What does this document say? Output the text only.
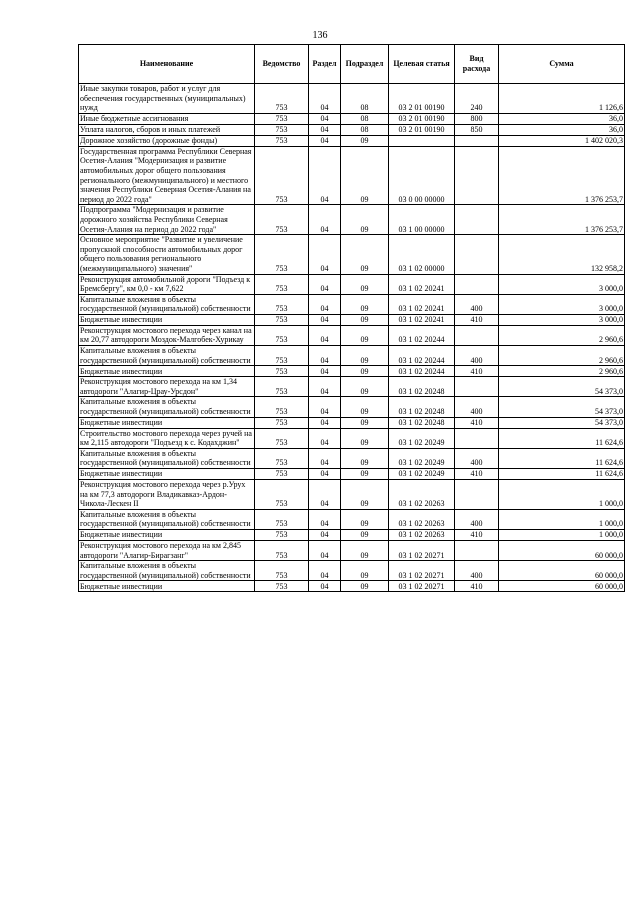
136
Наименование	Ведомство	Раздел	Подраздел	Целевая статья	Вид расхода	Сумма
Иные закупки товаров, работ и услуг для обеспечения государственных (муниципальных) нужд	753	04	08	03 2 01 00190	240	1 126,6
Иные бюджетные ассигнования	753	04	08	03 2 01 00190	800	36,0
Уплата налогов, сборов и иных платежей	753	04	08	03 2 01 00190	850	36,0
Дорожное хозяйство (дорожные фонды)	753	04	09			1 402 020,3
Государственная программа Республики Северная Осетия-Алания "Модернизация и развитие автомобильных дорог общего пользования регионального (межмуниципального) и местного значения Республики Северная Осетия-Алания на период до 2022 года"	753	04	09	03 0 00 00000		1 376 253,7
Подпрограмма "Модернизация и развитие дорожного хозяйства Республики Северная Осетия-Алания на период до 2022 года"	753	04	09	03 1 00 00000		1 376 253,7
Основное мероприятие "Развитие и увеличение пропускной способности автомобильных дорог общего пользования регионального (межмуниципального) значения"	753	04	09	03 1 02 00000		132 958,2
Реконструкция автомобильной дороги "Подъезд к Бремсбергу", км 0,0 - км 7,622	753	04	09	03 1 02 20241		3 000,0
Капитальные вложения в объекты государственной (муниципальной) собственности	753	04	09	03 1 02 20241	400	3 000,0
Бюджетные инвестиции	753	04	09	03 1 02 20241	410	3 000,0
Реконструкция мостового перехода через канал на км 20,77 автодороги Моздок-Малгобек-Хурикау	753	04	09	03 1 02 20244		2 960,6
Капитальные вложения в объекты государственной (муниципальной) собственности	753	04	09	03 1 02 20244	400	2 960,6
Бюджетные инвестиции	753	04	09	03 1 02 20244	410	2 960,6
Реконструкция мостового перехода на км 1,34 автодороги "Алагир-Црау-Урсдон"	753	04	09	03 1 02 20248		54 373,0
Капитальные вложения в объекты государственной (муниципальной) собственности	753	04	09	03 1 02 20248	400	54 373,0
Бюджетные инвестиции	753	04	09	03 1 02 20248	410	54 373,0
Строительство мостового перехода через ручей на км 2,115 автодороги "Подъезд к с. Кодахджин"	753	04	09	03 1 02 20249		11 624,6
Капитальные вложения в объекты государственной (муниципальной) собственности	753	04	09	03 1 02 20249	400	11 624,6
Бюджетные инвестиции	753	04	09	03 1 02 20249	410	11 624,6
Реконструкция мостового перехода через р.Урух на км 77,3 автодороги Владикавказ-Ардон-Чикола-Лескен II	753	04	09	03 1 02 20263		1 000,0
Капитальные вложения в объекты государственной (муниципальной) собственности	753	04	09	03 1 02 20263	400	1 000,0
Бюджетные инвестиции	753	04	09	03 1 02 20263	410	1 000,0
Реконструкция мостового перехода на км 2,845 автодороги "Алагир-Бирагзанг"	753	04	09	03 1 02 20271		60 000,0
Капитальные вложения в объекты государственной (муниципальной) собственности	753	04	09	03 1 02 20271	400	60 000,0
Бюджетные инвестиции	753	04	09	03 1 02 20271	410	60 000,0
